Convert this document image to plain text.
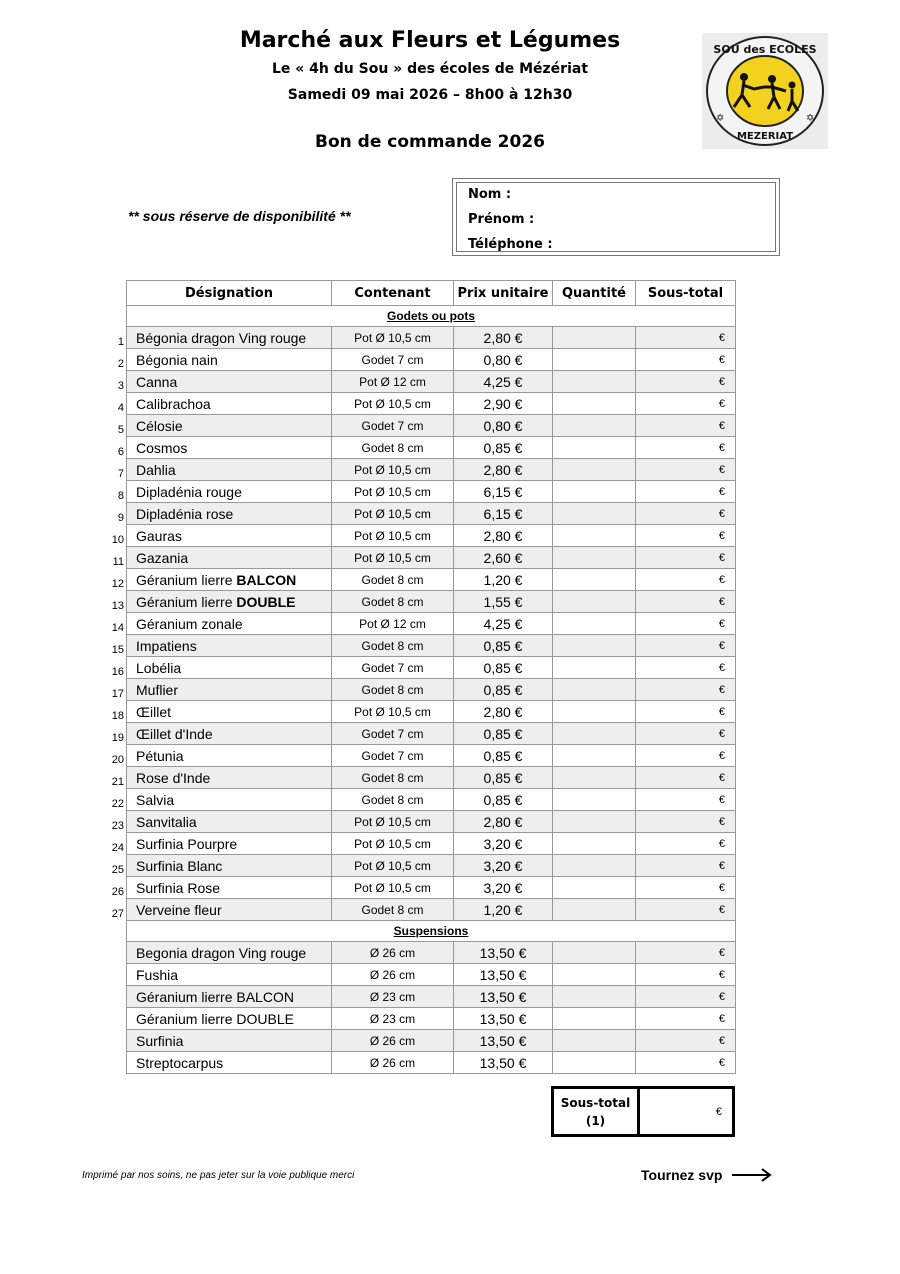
Marché aux Fleurs et Légumes
Le « 4h du Sou » des écoles de Mézériat
Samedi 09 mai 2026 – 8h00 à 12h30
Bon de commande 2026
SOU des ECOLES
MEZERIAT
✡	✡
** sous réserve de disponibilité **
Nom :
Prénom :
Téléphone :
Désignation	Contenant	Prix unitaire	Quantité	Sous-total
Godets ou pots				

1 Bégonia dragon Ving rouge	Pot Ø 10,5 cm	2,80 €		€

2 Bégonia nain	Godet 7 cm	0,80 €		€

3 Canna	Pot Ø 12 cm	4,25 €		€

4 Calibrachoa	Pot Ø 10,5 cm	2,90 €		€

5 Célosie	Godet 7 cm	0,80 €		€

6 Cosmos	Godet 8 cm	0,85 €		€

7 Dahlia	Pot Ø 10,5 cm	2,80 €		€

8 Dipladénia rouge	Pot Ø 10,5 cm	6,15 €		€

9 Dipladénia rose	Pot Ø 10,5 cm	6,15 €		€

10 Gauras	Pot Ø 10,5 cm	2,80 €		€

11 Gazania	Pot Ø 10,5 cm	2,60 €		€

12 Géranium lierre BALCON	Godet 8 cm	1,20 €		€

13 Géranium lierre DOUBLE	Godet 8 cm	1,55 €		€

14 Géranium zonale	Pot Ø 12 cm	4,25 €		€

15 Impatiens	Godet 8 cm	0,85 €		€

16 Lobélia	Godet 7 cm	0,85 €		€

17 Muflier	Godet 8 cm	0,85 €		€

18 Œillet	Pot Ø 10,5 cm	2,80 €		€

19 Œillet d'Inde	Godet 7 cm	0,85 €		€

20 Pétunia	Godet 7 cm	0,85 €		€

21 Rose d'Inde	Godet 8 cm	0,85 €		€

22 Salvia	Godet 8 cm	0,85 €		€

23 Sanvitalia	Pot Ø 10,5 cm	2,80 €		€

24 Surfinia Pourpre	Pot Ø 10,5 cm	3,20 €		€

25 Surfinia Blanc	Pot Ø 10,5 cm	3,20 €		€

26 Surfinia Rose	Pot Ø 10,5 cm	3,20 €		€

27 Verveine fleur	Godet 8 cm	1,20 €		€
Suspensions				
Begonia dragon Ving rouge	Ø 26 cm	13,50 €		€
Fushia	Ø 26 cm	13,50 €		€
Géranium lierre BALCON	Ø 23 cm	13,50 €		€
Géranium lierre DOUBLE	Ø 23 cm	13,50 €		€
Surfinia	Ø 26 cm	13,50 €		€
Streptocarpus	Ø 26 cm	13,50 €		€
Sous-total
(1)
€
Imprimé par nos soins, ne pas jeter sur la voie publique merci	Tournez svp
